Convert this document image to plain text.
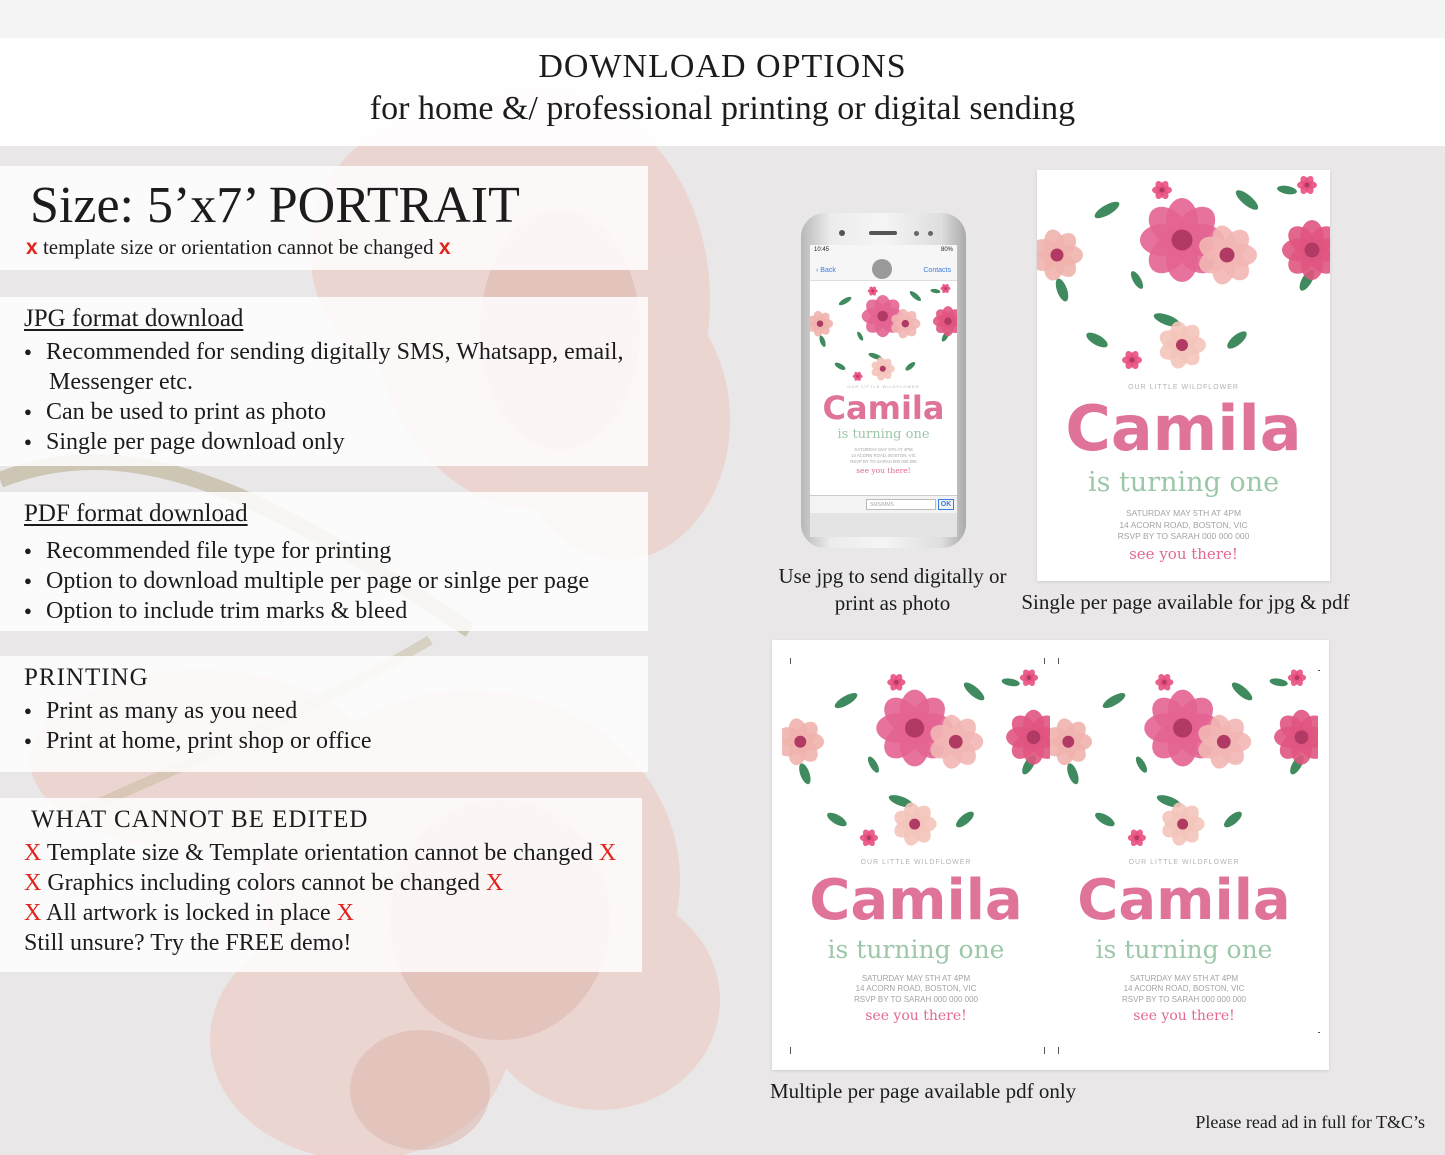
DOWNLOAD OPTIONS
for home &/ professional printing or digital sending
Size: 5’x7’ PORTRAIT
x template size or orientation cannot be changed x
JPG format download
● Recommended for sending digitally SMS, Whatsapp, email,
Messenger etc.
● Can be used to print as photo
● Single per page download only
PDF format download
● Recommended file type for printing
● Option to download multiple per page or sinlge per page
● Option to include trim marks & bleed
PRINTING
● Print as many as you need
● Print at home, print shop or office
WHAT CANNOT BE EDITED
X Template size & Template orientation cannot be changed X
X Graphics including colors cannot be changed X
X All artwork is locked in place X
Still unsure? Try the FREE demo!
10:45	80%
‹ Back	Contacts
OUR LITTLE WILDFLOWER
Camila
is turning one
SATURDAY MAY 5TH AT 4PM
14 ACORN ROAD, BOSTON, VIC
RSVP BY TO SARAH 000 000 000
see you there!
SMS/MMS	OK
Use jpg to send digitally or print as photo
OUR LITTLE WILDFLOWER
Camila
is turning one
SATURDAY MAY 5TH AT 4PM
14 ACORN ROAD, BOSTON, VIC
RSVP BY TO SARAH 000 000 000
see you there!
Single per page available for jpg & pdf
OUR LITTLE WILDFLOWER
Camila
is turning one
SATURDAY MAY 5TH AT 4PM
14 ACORN ROAD, BOSTON, VIC
RSVP BY TO SARAH 000 000 000
see you there!
OUR LITTLE WILDFLOWER
Camila
is turning one
SATURDAY MAY 5TH AT 4PM
14 ACORN ROAD, BOSTON, VIC
RSVP BY TO SARAH 000 000 000
see you there!
Multiple per page available pdf only
Please read ad in full for T&C’s
